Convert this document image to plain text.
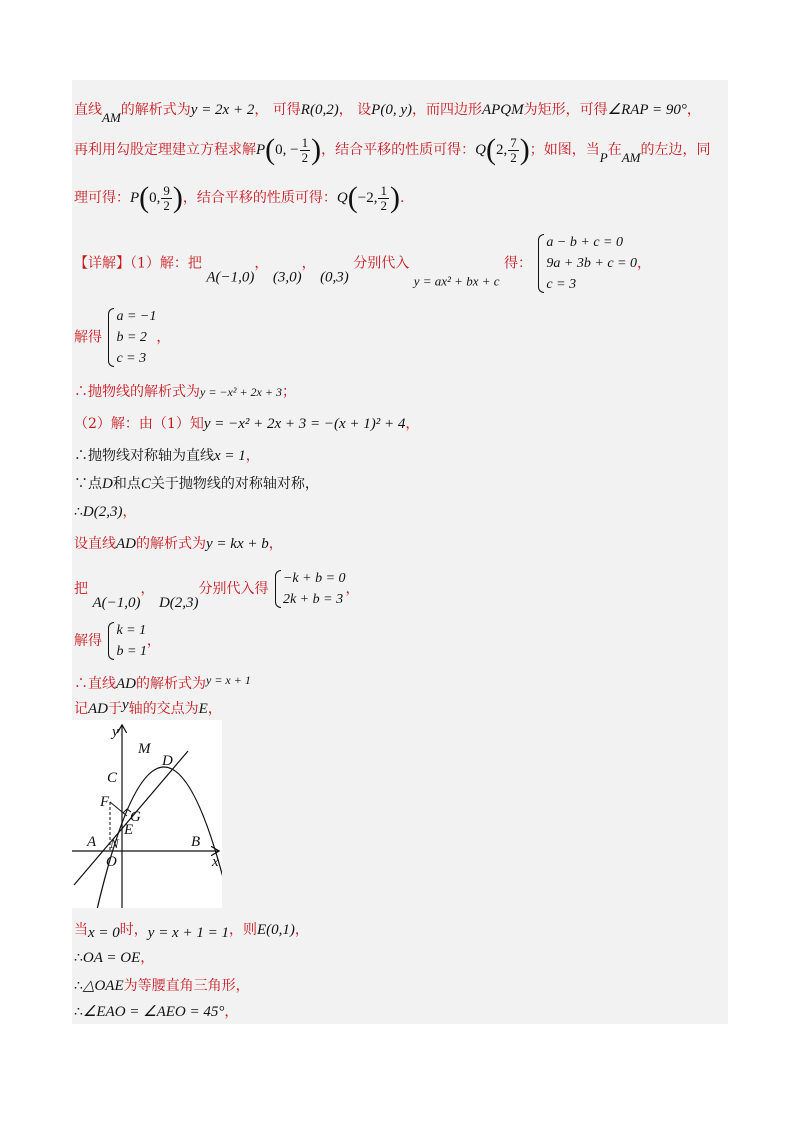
直线AM的解析式为y = 2x + 2， 可得R(0,2)， 设P(0, y)，而四边形APQM为矩形，可得∠RAP = 90°，
再利用勾股定理建立方程求解P(0, − $\frac{1}{2}$ )，结合平移的性质可得：Q(2, $\frac{7}{2}$ )；如图，当P在AM的左边，同
理可得：P(0, $\frac{9}{2}$ )，结合平移的性质可得：Q(−2, $\frac{1}{2}$ ).
【详解】（1）解：把 A(−1,0)， (3,0)， (0,3) 分别代入 y = ax² + bx + c 得：
a − b + c = 0
9a + 3b + c = 0
c = 3
，
解得
a = −1
b = 2
c = 3
，
∴抛物线的解析式为y = −x² + 2x + 3；
（2）解：由（1）知y = −x² + 2x + 3 = −(x + 1)² + 4，
∴抛物线对称轴为直线x = 1，
∵点D和点C关于抛物线的对称轴对称，
∴D(2,3)，
设直线AD的解析式为y = kx + b，
把 A(−1,0)， D(2,3)分别代入得
−k + b = 0
2k + b = 3
，
解得
k = 1
b = 1
，
∴直线AD的解析式为y = x + 1
记AD于y轴的交点为E，
y
x
M
D
C
F
G
E
A N
O
B
当x = 0时，y = x + 1 = 1，则E(0,1)，
∴OA = OE，
∴△OAE为等腰直角三角形，
∴∠EAO = ∠AEO = 45°，
